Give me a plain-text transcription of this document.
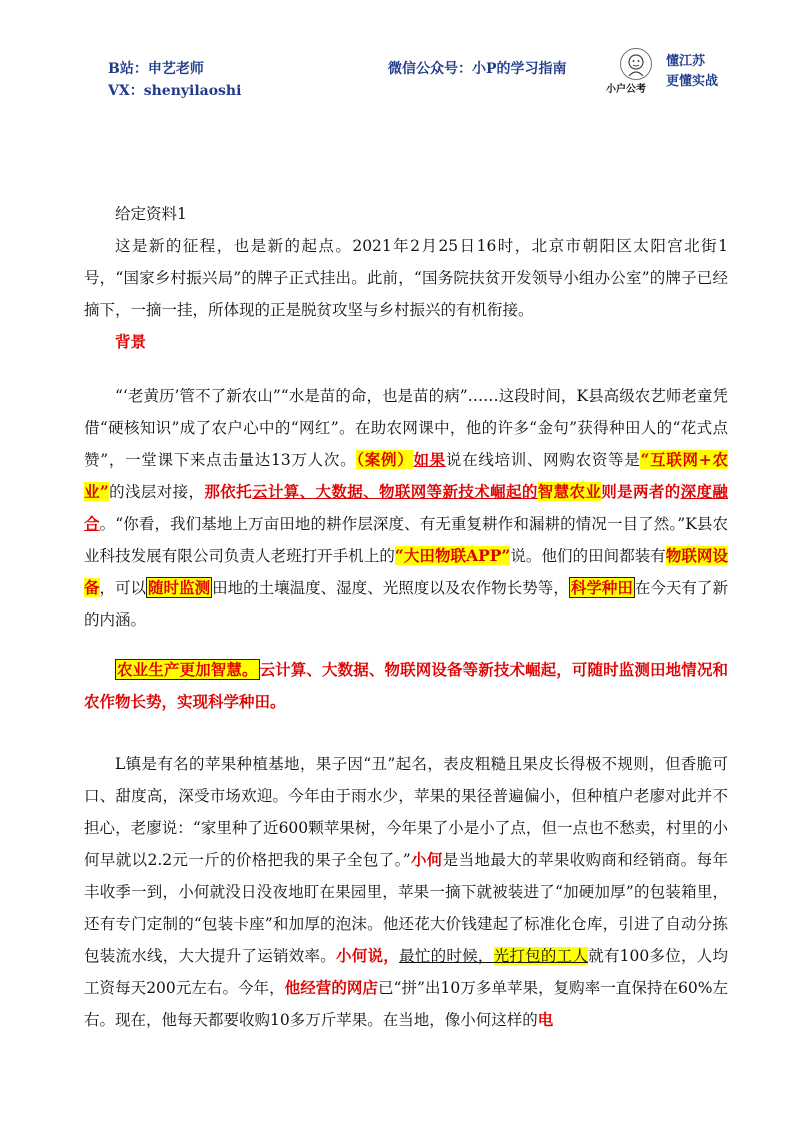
B站：申艺老师
VX：shenyilaoshi
微信公众号：小P的学习指南
小户公考
懂江苏
更懂实战

给定资料1

这是新的征程，也是新的起点。2021年2月25日16时，北京市朝阳区太阳宫北街1号，“国家乡村振兴局”的牌子正式挂出。此前，“国务院扶贫开发领导小组办公室”的牌子已经摘下，一摘一挂，所体现的正是脱贫攻坚与乡村振兴的有机衔接。

背景

“‘老黄历’管不了新农山”“水是苗的命，也是苗的病”……这段时间，K县高级农艺师老童凭借“硬核知识”成了农户心中的“网红”。在助农网课中，他的许多“金句”获得种田人的“花式点赞”，一堂课下来点击量达13万人次。（案例）如果说在线培训、网购农资等是“互联网+农业”的浅层对接，那依托云计算、大数据、物联网等新技术崛起的智慧农业则是两者的深度融合。“你看，我们基地上万亩田地的耕作层深度、有无重复耕作和漏耕的情况一目了然。”K县农业科技发展有限公司负责人老班打开手机上的“大田物联APP”说。他们的田间都装有物联网设备，可以 随时监测 田地的土壤温度、湿度、光照度以及农作物长势等， 科学种田 在今天有了新的内涵。

农业生产更加智慧。 云计算、大数据、物联网设备等新技术崛起，可随时监测田地情况和农作物长势，实现科学种田。

L镇是有名的苹果种植基地，果子因“丑”起名，表皮粗糙且果皮长得极不规则，但香脆可口、甜度高，深受市场欢迎。今年由于雨水少，苹果的果径普遍偏小，但种植户老廖对此并不担心，老廖说：“家里种了近600颗苹果树，今年果了小是小了点，但一点也不愁卖，村里的小何早就以2.2元一斤的价格把我的果子全包了。”小何是当地最大的苹果收购商和经销商。每年丰收季一到，小何就没日没夜地盯在果园里，苹果一摘下就被装进了“加硬加厚”的包装箱里，还有专门定制的“包装卡座”和加厚的泡沫。他还花大价钱建起了标准化仓库，引进了自动分拣包装流水线，大大提升了运销效率。小何说，最忙的时候，光打包的工人就有100多位，人均工资每天200元左右。今年，他经营的网店已“拼”出10万多单苹果，复购率一直保持在60%左右。现在，他每天都要收购10多万斤苹果。在当地，像小何这样的电
